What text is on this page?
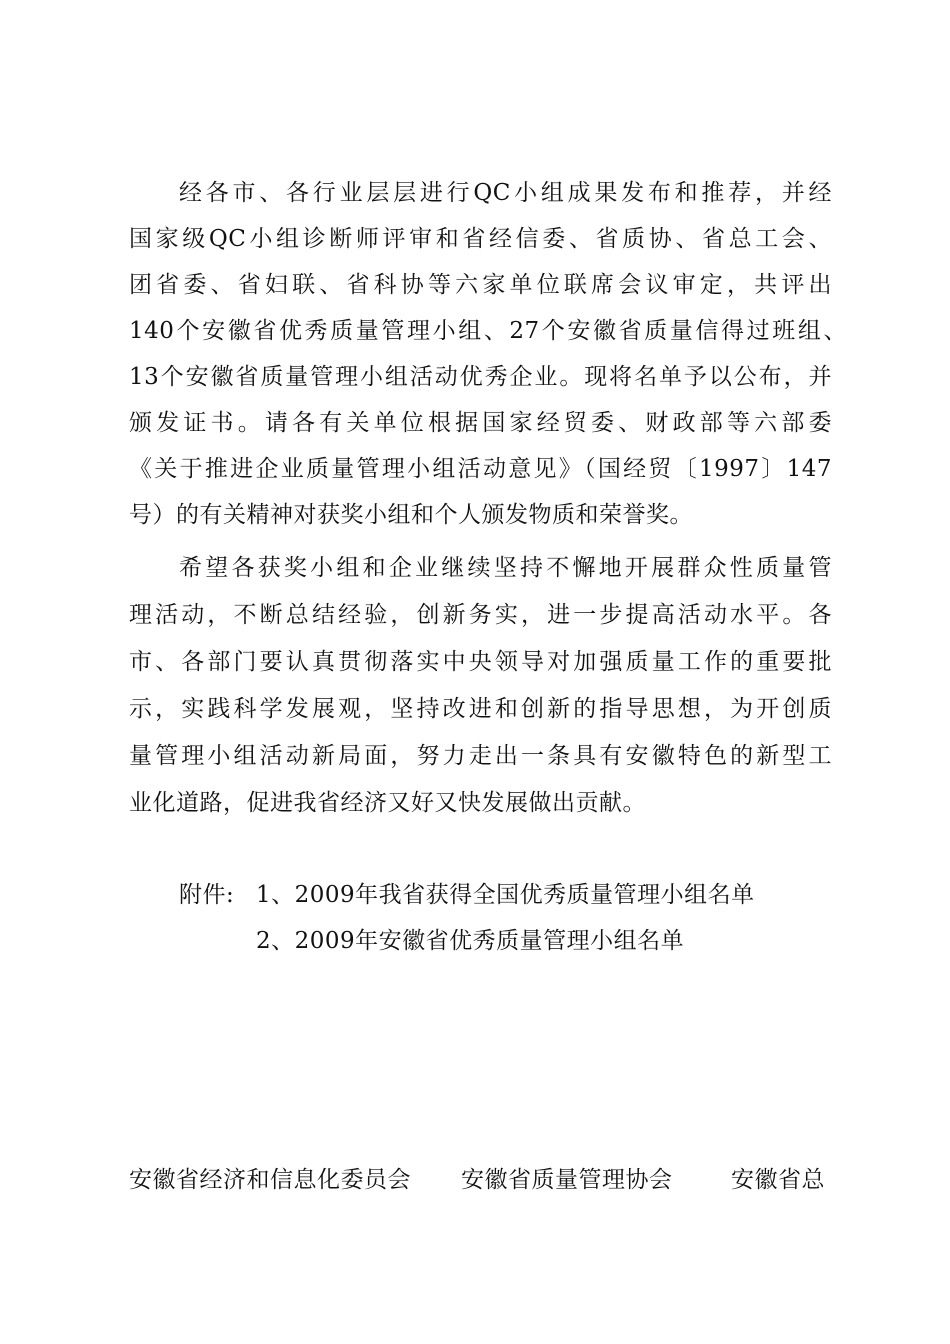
经各市、各行业层层进行QC小组成果发布和推荐，并经
国家级QC小组诊断师评审和省经信委、省质协、省总工会、
团省委、省妇联、省科协等六家单位联席会议审定，共评出
140个安徽省优秀质量管理小组、27个安徽省质量信得过班组、
13个安徽省质量管理小组活动优秀企业。现将名单予以公布，并
颁发证书。请各有关单位根据国家经贸委、财政部等六部委
《关于推进企业质量管理小组活动意见》（国经贸〔1997〕147
号）的有关精神对获奖小组和个人颁发物质和荣誉奖。
希望各获奖小组和企业继续坚持不懈地开展群众性质量管
理活动，不断总结经验，创新务实，进一步提高活动水平。各
市、各部门要认真贯彻落实中央领导对加强质量工作的重要批
示，实践科学发展观，坚持改进和创新的指导思想，为开创质
量管理小组活动新局面，努力走出一条具有安徽特色的新型工
业化道路，促进我省经济又好又快发展做出贡献。
附件: 1、2009年我省获得全国优秀质量管理小组名单
2、2009年安徽省优秀质量管理小组名单
安徽省经济和信息化委员会 安徽省质量管理协会	安徽省总
